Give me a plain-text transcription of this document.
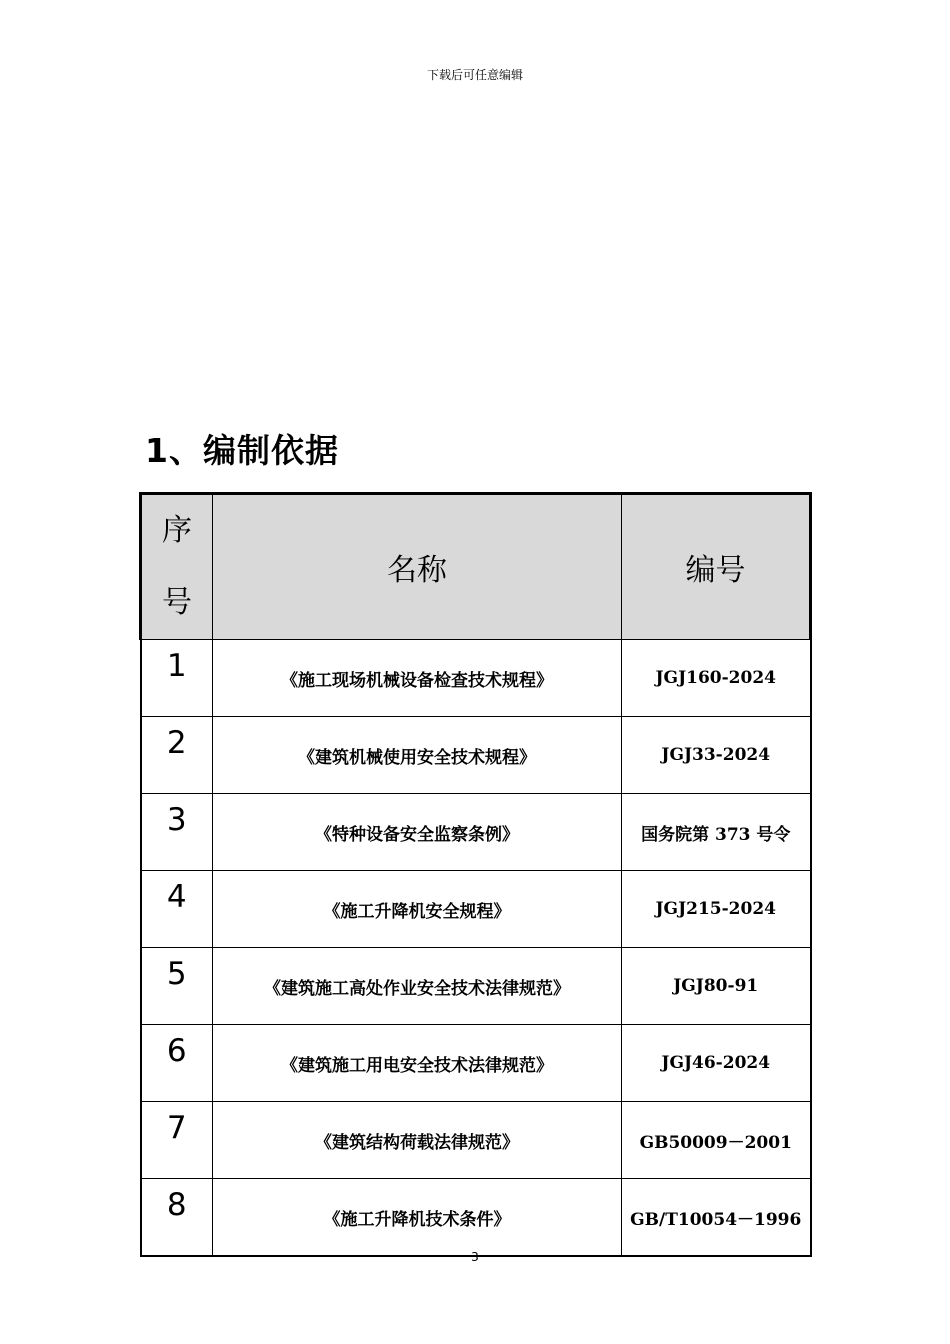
下载后可任意编辑
1、编制依据
序号	名称	编号
1	《施工现场机械设备检查技术规程》	JGJ160-2024
2	《建筑机械使用安全技术规程》	JGJ33-2024
3	《特种设备安全监察条例》	国务院第 373 号令
4	《施工升降机安全规程》	JGJ215-2024
5	《建筑施工高处作业安全技术法律规范》	JGJ80-91
6	《建筑施工用电安全技术法律规范》	JGJ46-2024
7	《建筑结构荷载法律规范》	GB50009－2001
8	《施工升降机技术条件》	GB/T10054－1996
3
